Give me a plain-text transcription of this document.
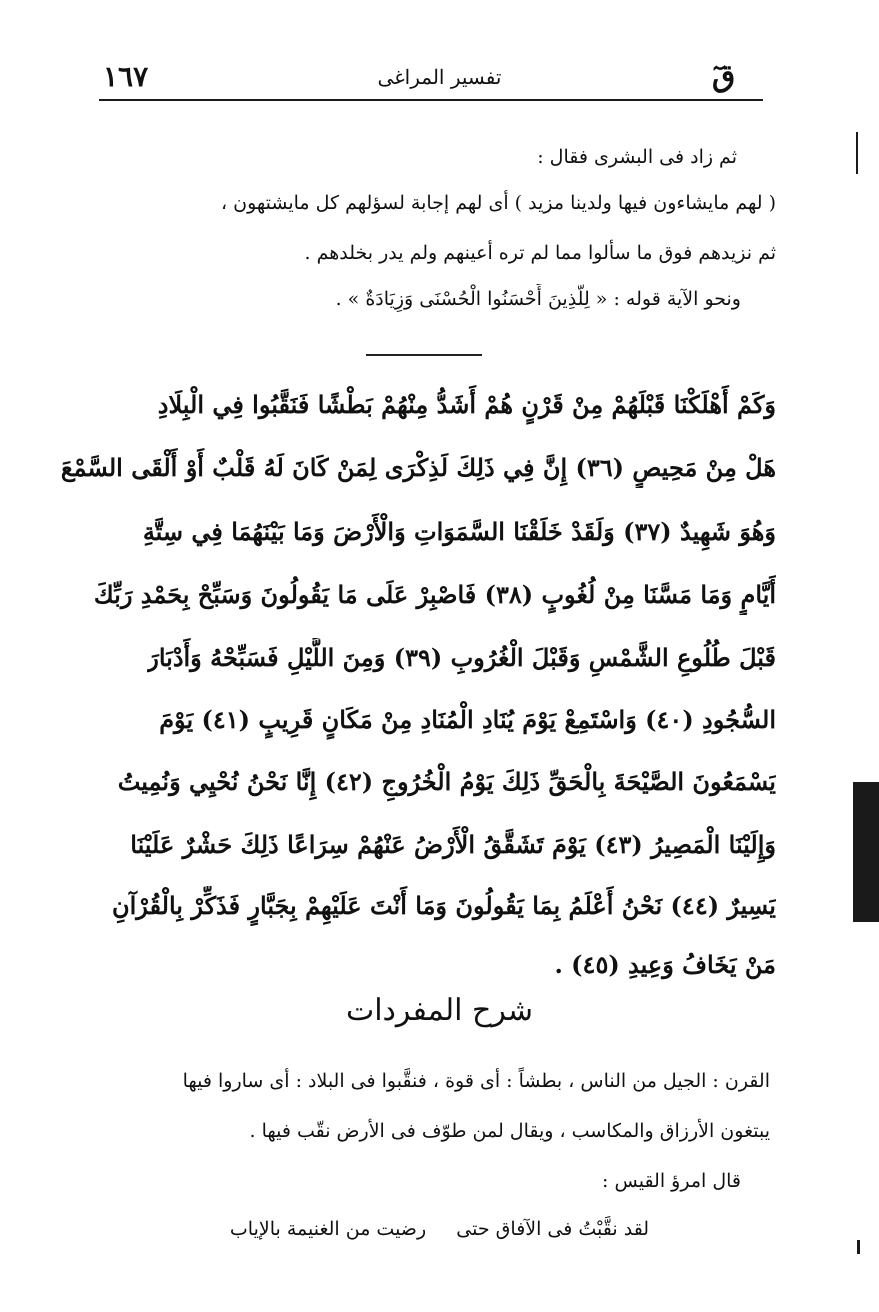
١٦٧	تفسير المراغى	قٓ
ثم زاد فى البشرى فقال :
( لهم مايشاءون فيها ولدينا مزيد ) أى لهم إجابة لسؤلهم كل مايشتهون ،
ثم نزيدهم فوق ما سألوا مما لم تره أعينهم ولم يدر بخلدهم .
ونحو الآية قوله : « لِلَّذِينَ أَحْسَنُوا الْحُسْنَى وَزِيَادَةٌ » .
وَكَمْ أَهْلَكْنَا قَبْلَهُمْ مِنْ قَرْنٍ هُمْ أَشَدُّ مِنْهُمْ بَطْشًا فَنَقَّبُوا فِي الْبِلَادِ
هَلْ مِنْ مَحِيصٍ (٣٦) إِنَّ فِي ذَلِكَ لَذِكْرَى لِمَنْ كَانَ لَهُ قَلْبٌ أَوْ أَلْقَى السَّمْعَ
وَهُوَ شَهِيدٌ (٣٧) وَلَقَدْ خَلَقْنَا السَّمَوَاتِ وَالْأَرْضَ وَمَا بَيْنَهُمَا فِي سِتَّةِ
أَيَّامٍ وَمَا مَسَّنَا مِنْ لُغُوبٍ (٣٨) فَاصْبِرْ عَلَى مَا يَقُولُونَ وَسَبِّحْ بِحَمْدِ رَبِّكَ
قَبْلَ طُلُوعِ الشَّمْسِ وَقَبْلَ الْغُرُوبِ (٣٩) وَمِنَ اللَّيْلِ فَسَبِّحْهُ وَأَدْبَارَ
السُّجُودِ (٤٠) وَاسْتَمِعْ يَوْمَ يُنَادِ الْمُنَادِ مِنْ مَكَانٍ قَرِيبٍ (٤١) يَوْمَ
يَسْمَعُونَ الصَّيْحَةَ بِالْحَقِّ ذَلِكَ يَوْمُ الْخُرُوجِ (٤٢) إِنَّا نَحْنُ نُحْيِي وَنُمِيتُ
وَإِلَيْنَا الْمَصِيرُ (٤٣) يَوْمَ تَشَقَّقُ الْأَرْضُ عَنْهُمْ سِرَاعًا ذَلِكَ حَشْرٌ عَلَيْنَا
يَسِيرٌ (٤٤) نَحْنُ أَعْلَمُ بِمَا يَقُولُونَ وَمَا أَنْتَ عَلَيْهِمْ بِجَبَّارٍ فَذَكِّرْ بِالْقُرْآنِ
مَنْ يَخَافُ وَعِيدِ (٤٥) .
شرح المفردات
القرن : الجيل من الناس ، بطشاً : أى قوة ، فنقَّبوا فى البلاد : أى ساروا فيها
يبتغون الأرزاق والمكاسب ، ويقال لمن طوّف فى الأرض نقّب فيها .
قال امرؤ القيس :
لقد نقَّبْتُ فى الآفاق حتى     رضيت من الغنيمة بالإياب
